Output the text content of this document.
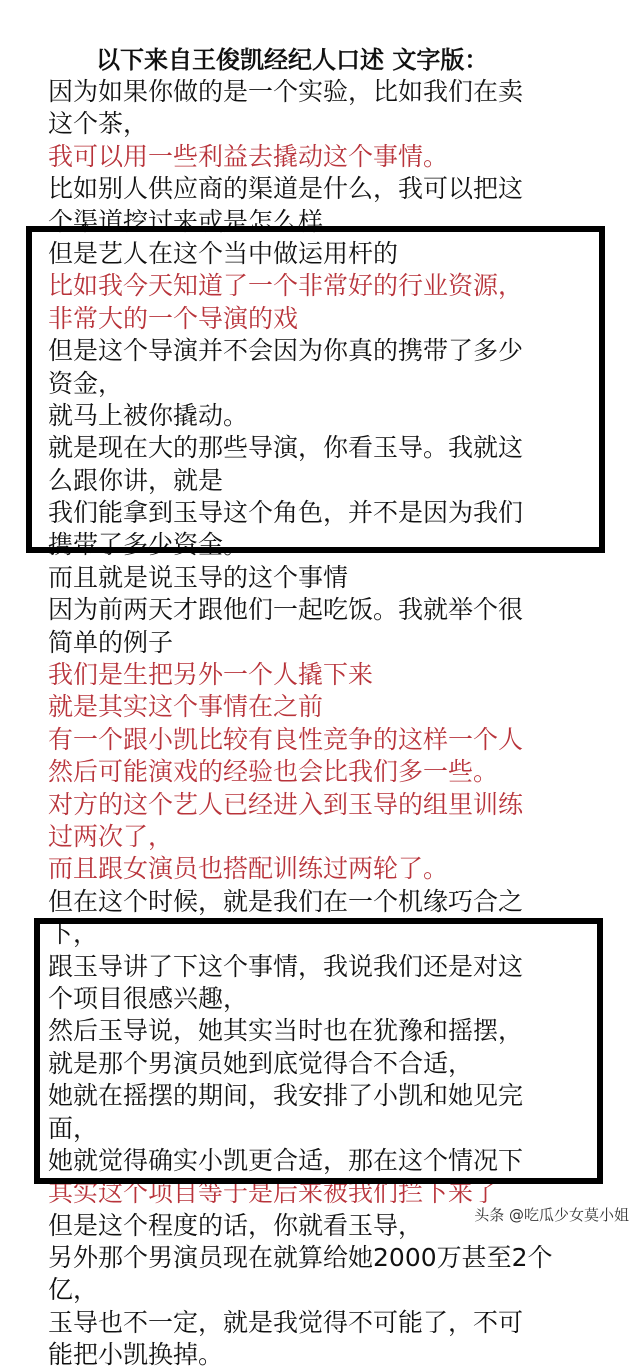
以下来自王俊凯经纪人口述 文字版：
因为如果你做的是一个实验，比如我们在卖
这个茶，
我可以用一些利益去撬动这个事情。
比如别人供应商的渠道是什么，我可以把这
个渠道挖过来或是怎么样
但是艺人在这个当中做运用杆的
比如我今天知道了一个非常好的行业资源，
非常大的一个导演的戏
但是这个导演并不会因为你真的携带了多少
资金，
就马上被你撬动。
就是现在大的那些导演，你看玉导。我就这
么跟你讲，就是
我们能拿到玉导这个角色，并不是因为我们
携带了多少资金。
而且就是说玉导的这个事情
因为前两天才跟他们一起吃饭。我就举个很
简单的例子
我们是生把另外一个人撬下来
就是其实这个事情在之前
有一个跟小凯比较有良性竞争的这样一个人
然后可能演戏的经验也会比我们多一些。
对方的这个艺人已经进入到玉导的组里训练
过两次了，
而且跟女演员也搭配训练过两轮了。
但在这个时候，就是我们在一个机缘巧合之
下，
跟玉导讲了下这个事情，我说我们还是对这
个项目很感兴趣，
然后玉导说，她其实当时也在犹豫和摇摆，
就是那个男演员她到底觉得合不合适，
她就在摇摆的期间，我安排了小凯和她见完
面，
她就觉得确实小凯更合适，那在这个情况下
其实这个项目等于是后来被我们拦下来了
但是这个程度的话，你就看玉导，
另外那个男演员现在就算给她2000万甚至2个
亿，
玉导也不一定，就是我觉得不可能了，不可
能把小凯换掉。
头条 @吃瓜少女莫小姐
